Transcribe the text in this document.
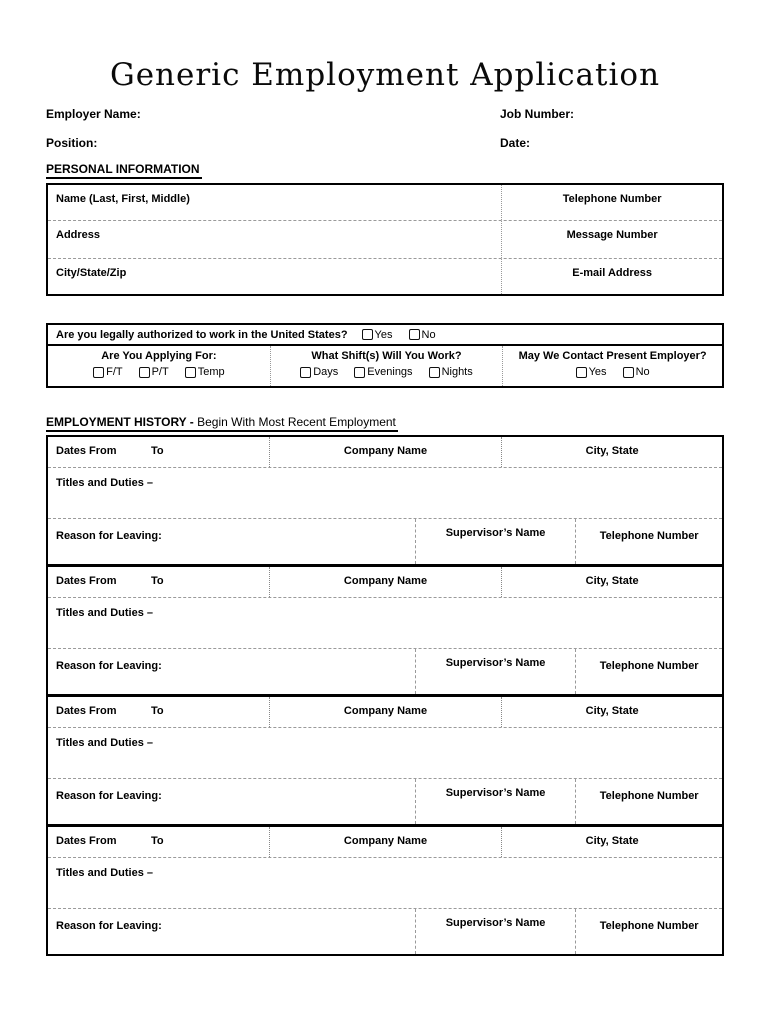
Generic Employment Application
Employer Name:	Job Number:
Position:	Date:
PERSONAL INFORMATION
Name (Last, First, Middle)	Telephone Number
Address	Message Number
City/State/Zip	E-mail Address
Are you legally authorized to work in the United States? Yes	No
Are You Applying For:
F/T	P/T	Temp
What Shift(s) Will You Work?
Days	Evenings	Nights
May We Contact Present Employer?
Yes	No
EMPLOYMENT HISTORY - Begin With Most Recent Employment
Dates From	To	Company Name	City, State
Titles and Duties –
Reason for Leaving:	Supervisor’s Name	Telephone Number
Dates From	To	Company Name	City, State
Titles and Duties –
Reason for Leaving:	Supervisor’s Name	Telephone Number
Dates From	To	Company Name	City, State
Titles and Duties –
Reason for Leaving:	Supervisor’s Name	Telephone Number
Dates From	To	Company Name	City, State
Titles and Duties –
Reason for Leaving:	Supervisor’s Name	Telephone Number
